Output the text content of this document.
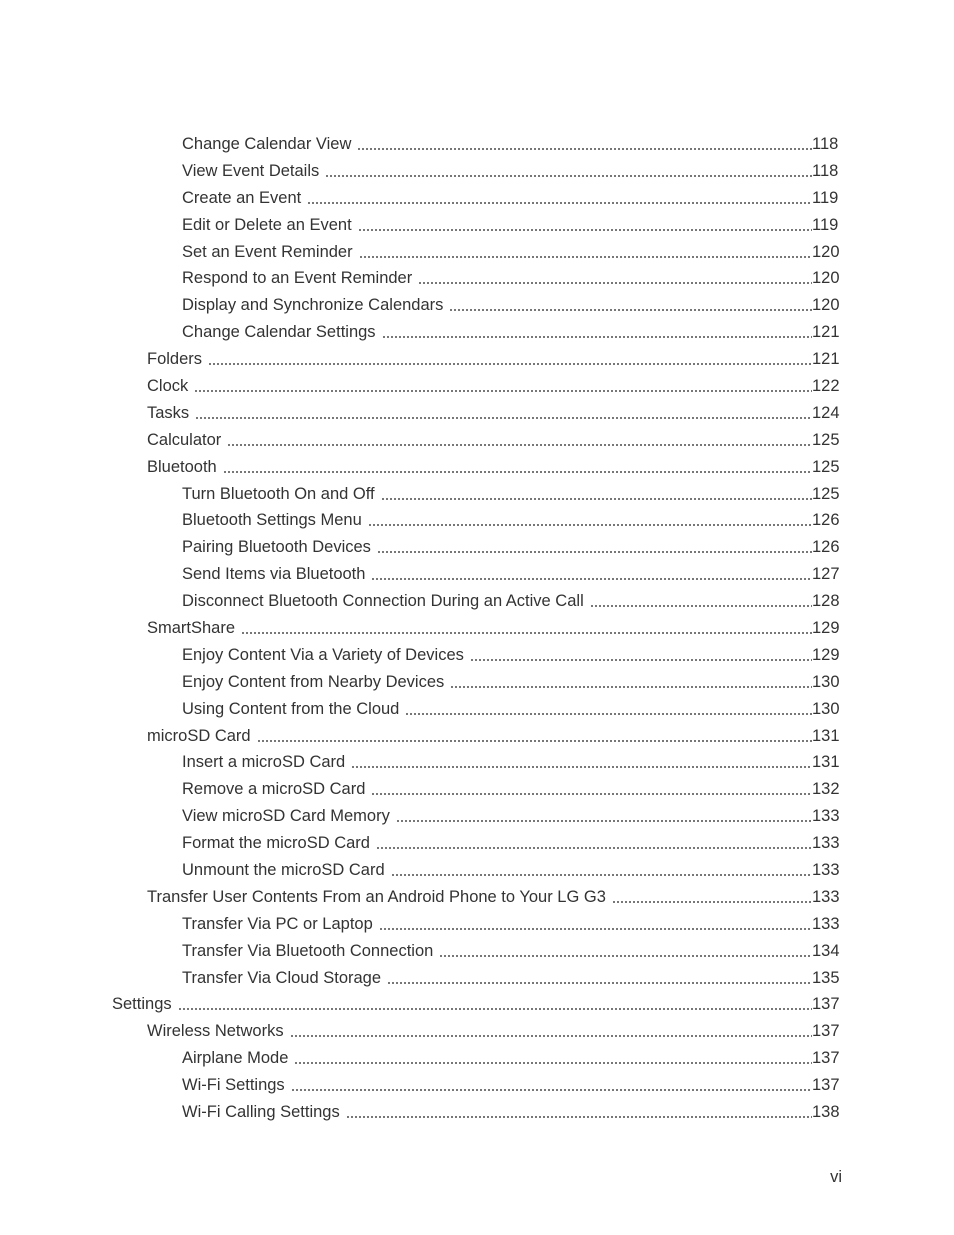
Change Calendar View	118
View Event Details	118
Create an Event	119
Edit or Delete an Event	119
Set an Event Reminder	120
Respond to an Event Reminder	120
Display and Synchronize Calendars	120
Change Calendar Settings	121
Folders	121
Clock	122
Tasks	124
Calculator	125
Bluetooth	125
Turn Bluetooth On and Off	125
Bluetooth Settings Menu	126
Pairing Bluetooth Devices	126
Send Items via Bluetooth	127
Disconnect Bluetooth Connection During an Active Call	128
SmartShare	129
Enjoy Content Via a Variety of Devices	129
Enjoy Content from Nearby Devices	130
Using Content from the Cloud	130
microSD Card	131
Insert a microSD Card	131
Remove a microSD Card	132
View microSD Card Memory	133
Format the microSD Card	133
Unmount the microSD Card	133
Transfer User Contents From an Android Phone to Your LG G3	133
Transfer Via PC or Laptop	133
Transfer Via Bluetooth Connection	134
Transfer Via Cloud Storage	135
Settings	137
Wireless Networks	137
Airplane Mode	137
Wi-Fi Settings	137
Wi-Fi Calling Settings	138
vi
